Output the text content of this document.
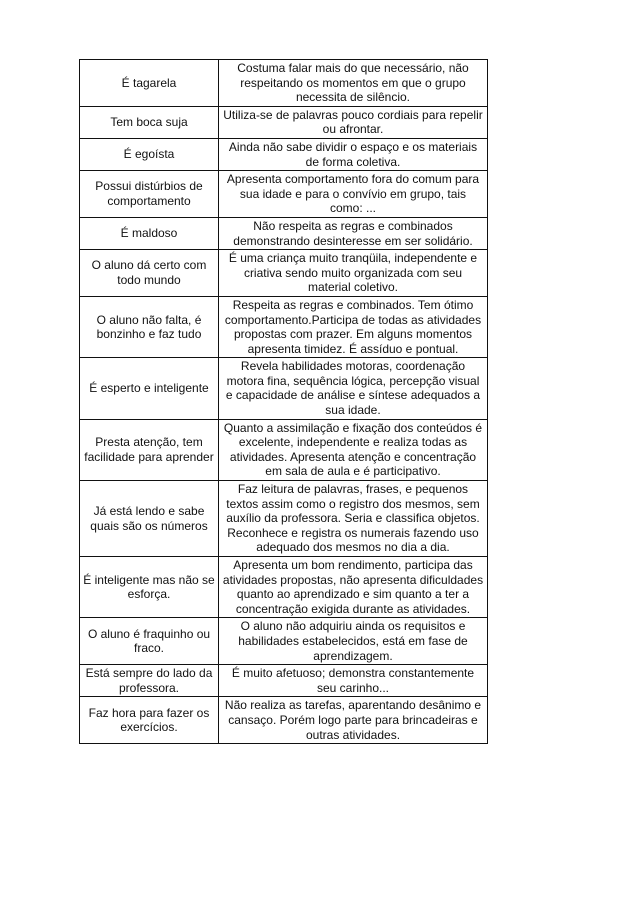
É tagarela	Costuma falar mais do que necessário, não respeitando os momentos em que o grupo necessita de silêncio.
Tem boca suja	Utiliza-se de palavras pouco cordiais para repelir ou afrontar.
É egoísta	Ainda não sabe dividir o espaço e os materiais de forma coletiva.
Possui distúrbios de comportamento	Apresenta comportamento fora do comum para sua idade e para o convívio em grupo, tais como: ...
É maldoso	Não respeita as regras e combinados demonstrando desinteresse em ser solidário.
O aluno dá certo com todo mundo	É uma criança muito tranqüila, independente e criativa sendo muito organizada com seu material coletivo.
O aluno não falta, é bonzinho e faz tudo	Respeita as regras e combinados. Tem ótimo comportamento.Participa de todas as atividades propostas com prazer. Em alguns momentos apresenta timidez. É assíduo e pontual.
É esperto e inteligente	Revela habilidades motoras, coordenação motora fina, sequência lógica, percepção visual e capacidade de análise e síntese adequados a sua idade.
Presta atenção, tem facilidade para aprender	Quanto a assimilação e fixação dos conteúdos é excelente, independente e realiza todas as atividades. Apresenta atenção e concentração em sala de aula e é participativo.
Já está lendo e sabe quais são os números	Faz leitura de palavras, frases, e pequenos textos assim como o registro dos mesmos, sem auxílio da professora. Seria e classifica objetos. Reconhece e registra os numerais fazendo uso adequado dos mesmos no dia a dia.
É inteligente mas não se esforça.	Apresenta um bom rendimento, participa das atividades propostas, não apresenta dificuldades quanto ao aprendizado e sim quanto a ter a concentração exigida durante as atividades.
O aluno é fraquinho ou fraco.	O aluno não adquiriu ainda os requisitos e habilidades estabelecidos, está em fase de aprendizagem.
Está sempre do lado da professora.	É muito afetuoso; demonstra constantemente seu carinho...
Faz hora para fazer os exercícios.	Não realiza as tarefas, aparentando desânimo e cansaço. Porém logo parte para brincadeiras e outras atividades.
